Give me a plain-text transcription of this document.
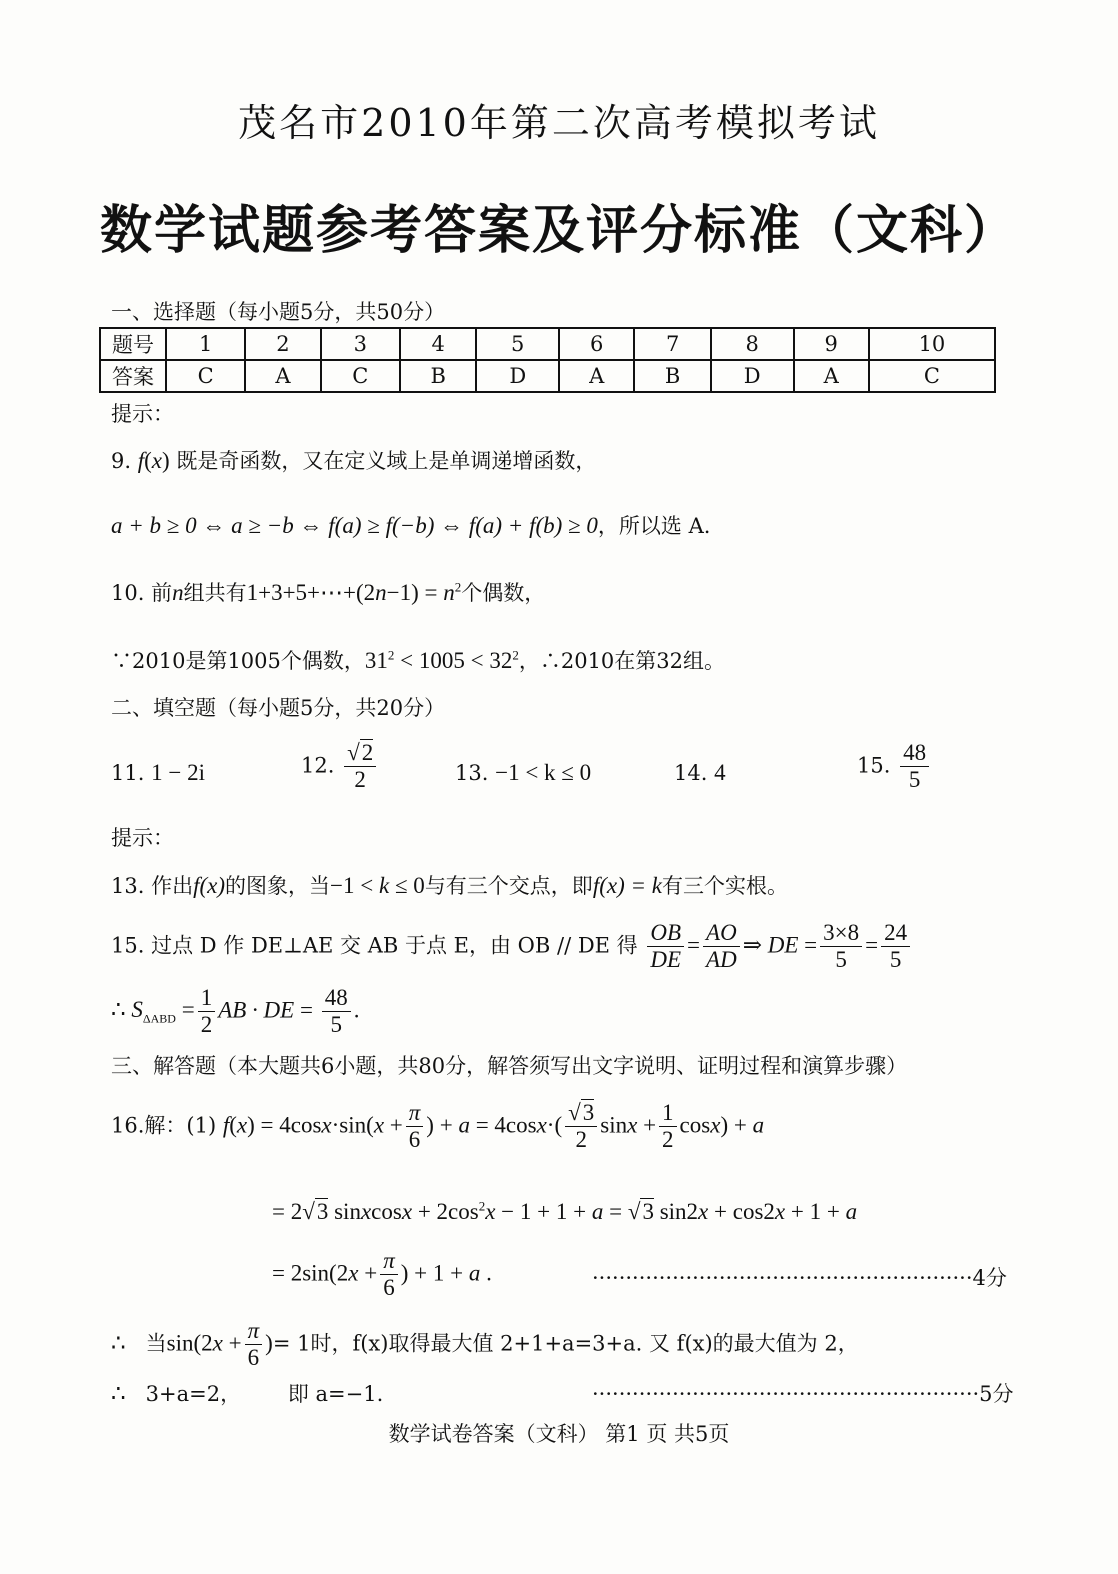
茂名市2010年第二次高考模拟考试
数学试题参考答案及评分标准（文科）
一、选择题（每小题5分，共50分）
题号	1	2	3	4	5	6	7	8	9	10
答案	C	A	C	B	D	A	B	D	A	C
提示：
9. f(x) 既是奇函数，又在定义域上是单调递增函数，
a + b ≥ 0 ⇔ a ≥ −b ⇔ f(a) ≥ f(−b) ⇔ f(a) + f(b) ≥ 0，所以选 A.
10. 前n组共有1+3+5+⋯+(2n−1) = $n^2$个偶数，
∵2010是第1005个偶数，$31^2 < 1005 < 32^2$，∴2010在第32组。
二、填空题（每小题5分，共20分）
11. 1 − 2i	12. $\frac{√2}{2}$	13. −1 < k ≤ 0	14. 4	15. $\frac{48}{5}$
提示：
13. 作出f(x)的图象，当−1 < k ≤ 0与有三个交点，即f(x) = k有三个实根。
15. 过点 D 作 DE⊥AE 交 AB 于点 E，由 OB // DE 得 $\frac{OB}{DE} = \frac{AO}{AD}$ ⇒ DE = $\frac{3\times 8}{5} = \frac{24}{5}$
∴ $S_{\Delta ABD} = \frac{1}{2}$ AB · DE = $\frac{48}{5}$ .
三、解答题（本大题共6小题，共80分，解答须写出文字说明、证明过程和演算步骤）
16.解：(1) $f(x) = 4\cos x\cdot\sin(x + \frac{\pi}{6}$ ) + $a = 4\cos x\cdot( \frac{√3}{2}$ $\sin x + \frac{1}{2} \cos x) + a$
= 2√3 sinxcosx + $2\cos^2x - 1 + 1 + a = √3$ sin2x + cos2x + 1 + a
= $2\sin(2x + \frac{\pi}{6}$ ) + 1 + a .	·························································4分
∴ 当$\sin(2x + \frac{\pi}{6}$ )= 1时，f(x)取得最大值 2+1+a=3+a. 又 f(x)的最大值为 2，
∴ 3+a=2， 即 a=−1.	··························································5分
数学试卷答案（文科） 第1 页 共5页
